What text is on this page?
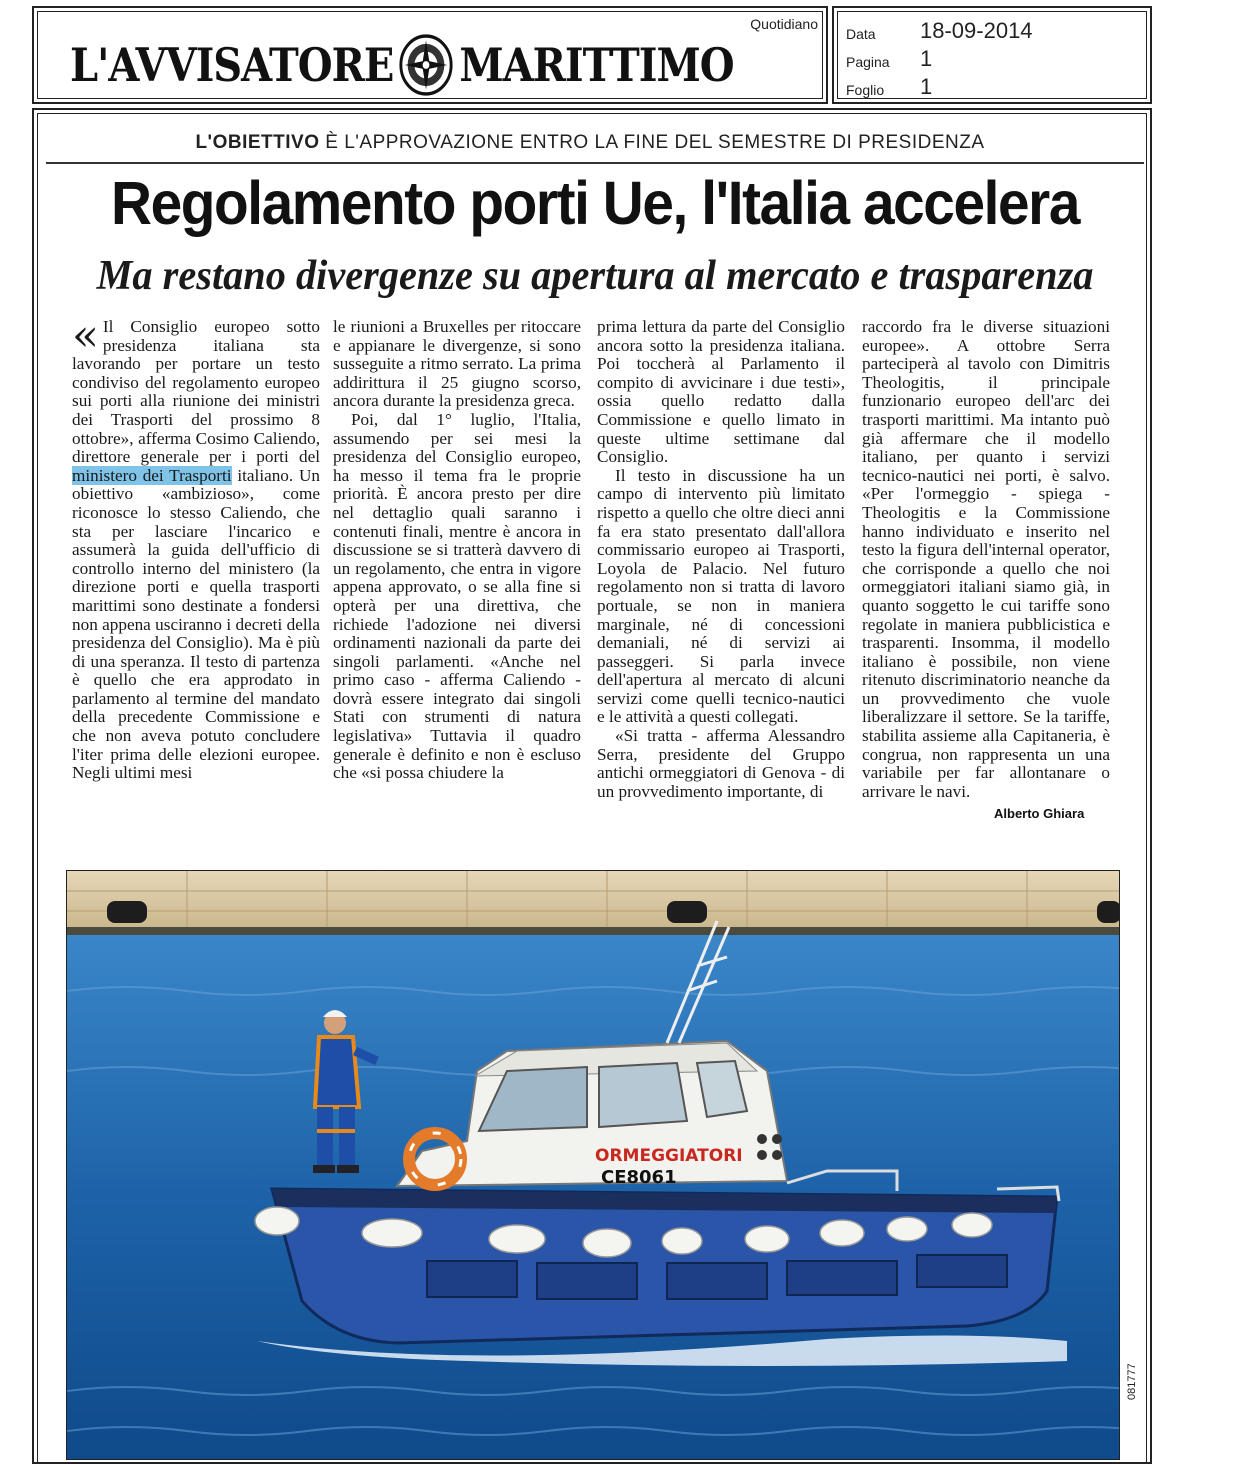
L'AVVISATORE MARITTIMO
Quotidiano
Data	18-09-2014
Pagina	1
Foglio	1
L'OBIETTIVO È L'APPROVAZIONE ENTRO LA FINE DEL SEMESTRE DI PRESIDENZA
Regolamento porti Ue, l'Italia accelera
Ma restano divergenze su apertura al mercato e trasparenza

« Il Consiglio europeo sotto presidenza italiana sta lavorando per portare un testo condiviso del regolamento europeo sui porti alla riunione dei ministri dei Trasporti del prossimo 8 ottobre», afferma Cosimo Caliendo, direttore generale per i porti del ministero dei Trasporti italiano. Un obiettivo «ambizioso», come riconosce lo stesso Caliendo, che sta per lasciare l'incarico e assumerà la guida dell'ufficio di controllo interno del ministero (la direzione porti e quella trasporti marittimi sono destinate a fondersi non appena usciranno i decreti della presidenza del Consiglio). Ma è più di una speranza. Il testo di partenza è quello che era approdato in parlamento al termine del mandato della precedente Commissione e che non aveva potuto concludere l'iter prima delle elezioni europee. Negli ultimi mesi

le riunioni a Bruxelles per ritoccare e appianare le divergenze, si sono susseguite a ritmo serrato. La prima addirittura il 25 giugno scorso, ancora durante la presidenza greca.

Poi, dal 1° luglio, l'Italia, assumendo per sei mesi la presidenza del Consiglio europeo, ha messo il tema fra le proprie priorità. È ancora presto per dire nel dettaglio quali saranno i contenuti finali, mentre è ancora in discussione se si tratterà davvero di un regolamento, che entra in vigore appena approvato, o se alla fine si opterà per una direttiva, che richiede l'adozione nei diversi ordinamenti nazionali da parte dei singoli parlamenti. «Anche nel primo caso - afferma Caliendo - dovrà essere integrato dai singoli Stati con strumenti di natura legislativa» Tuttavia il quadro generale è definito e non è escluso che «si possa chiudere la

prima lettura da parte del Consiglio ancora sotto la presidenza italiana. Poi toccherà al Parlamento il compito di avvicinare i due testi», ossia quello redatto dalla Commissione e quello limato in queste ultime settimane dal Consiglio.

Il testo in discussione ha un campo di intervento più limitato rispetto a quello che oltre dieci anni fa era stato presentato dall'allora commissario europeo ai Trasporti, Loyola de Palacio. Nel futuro regolamento non si tratta di lavoro portuale, se non in maniera marginale, né di concessioni demaniali, né di servizi ai passeggeri. Si parla invece dell'apertura al mercato di alcuni servizi come quelli tecnico-nautici e le attività a questi collegati.

«Si tratta - afferma Alessandro Serra, presidente del Gruppo antichi ormeggiatori di Genova - di un provvedimento importante, di

raccordo fra le diverse situazioni europee». A ottobre Serra parteciperà al tavolo con Dimitris Theologitis, il principale funzionario europeo dell'arc dei trasporti marittimi. Ma intanto può già affermare che il modello italiano, per quanto i servizi tecnico-nautici nei porti, è salvo. «Per l'ormeggio - spiega - Theologitis e la Commissione hanno individuato e inserito nel testo la figura dell'internal operator, che corrisponde a quello che noi ormeggiatori italiani siamo già, in quanto soggetto le cui tariffe sono regolate in maniera pubblicistica e trasparenti. Insomma, il modello italiano è possibile, non viene ritenuto discriminatorio neanche da un provvedimento che vuole liberalizzare il settore. Se la tariffe, stabilita assieme alla Capitaneria, è congrua, non rappresenta un una variabile per far allontanare o arrivare le navi.

Alberto Ghiara
ORMEGGIATORI
CE8061
081777
